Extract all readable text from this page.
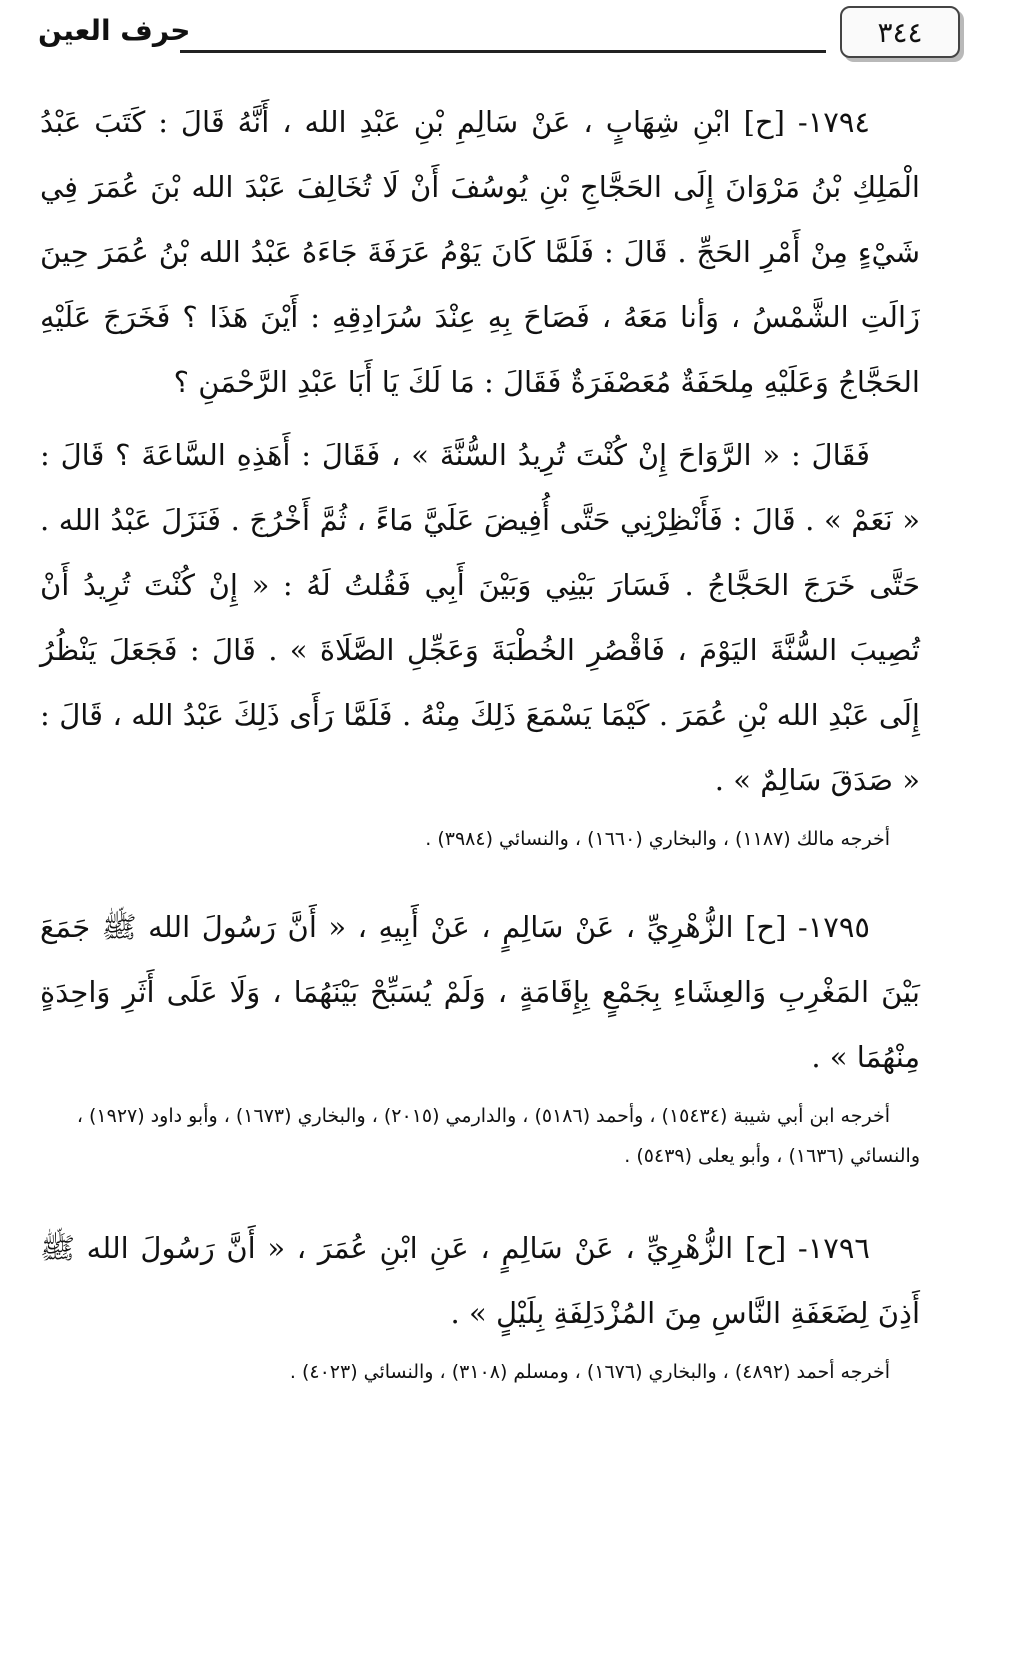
٣٤٤
حرف العين

١٧٩٤- [ح] ابْنِ شِهَابٍ ، عَنْ سَالِمِ بْنِ عَبْدِ الله ، أَنَّهُ قَالَ : كَتَبَ عَبْدُ الْمَلِكِ بْنُ مَرْوَانَ إِلَى الحَجَّاجِ بْنِ يُوسُفَ أَنْ لَا تُخَالِفَ عَبْدَ الله بْنَ عُمَرَ فِي شَيْءٍ مِنْ أَمْرِ الحَجِّ . قَالَ : فَلَمَّا كَانَ يَوْمُ عَرَفَةَ جَاءَهُ عَبْدُ الله بْنُ عُمَرَ حِينَ زَالَتِ الشَّمْسُ ، وَأنا مَعَهُ ، فَصَاحَ بِهِ عِنْدَ سُرَادِقِهِ : أَيْنَ هَذَا ؟ فَخَرَجَ عَلَيْهِ الحَجَّاجُ وَعَلَيْهِ مِلحَفَةٌ مُعَصْفَرَةٌ فَقَالَ : مَا لَكَ يَا أَبَا عَبْدِ الرَّحْمَنِ ؟

فَقَالَ : « الرَّوَاحَ إِنْ كُنْتَ تُرِيدُ السُّنَّةَ » ، فَقَالَ : أَهَذِهِ السَّاعَةَ ؟ قَالَ : « نَعَمْ » . قَالَ : فَأَنْظِرْنِي حَتَّى أُفِيضَ عَلَيَّ مَاءً ، ثُمَّ أَخْرُجَ . فَنَزَلَ عَبْدُ الله . حَتَّى خَرَجَ الحَجَّاجُ . فَسَارَ بَيْنِي وَبَيْنَ أَبِي فَقُلتُ لَهُ : « إِنْ كُنْتَ تُرِيدُ أَنْ تُصِيبَ السُّنَّةَ اليَوْمَ ، فَاقْصُرِ الخُطْبَةَ وَعَجِّلِ الصَّلَاةَ » . قَالَ : فَجَعَلَ يَنْظُرُ إِلَى عَبْدِ الله بْنِ عُمَرَ . كَيْمَا يَسْمَعَ ذَلِكَ مِنْهُ . فَلَمَّا رَأَى ذَلِكَ عَبْدُ الله ، قَالَ : « صَدَقَ سَالِمٌ » .

أخرجه مالك (١١٨٧) ، والبخاري (١٦٦٠) ، والنسائي (٣٩٨٤) .

١٧٩٥- [ح] الزُّهْرِيِّ ، عَنْ سَالِمٍ ، عَنْ أَبِيهِ ، « أَنَّ رَسُولَ الله ﷺ جَمَعَ بَيْنَ المَغْرِبِ وَالعِشَاءِ بِجَمْعٍ بِإِقَامَةٍ ، وَلَمْ يُسَبِّحْ بَيْنَهُمَا ، وَلَا عَلَى أَثَرِ وَاحِدَةٍ مِنْهُمَا » .

أخرجه ابن أبي شيبة (١٥٤٣٤) ، وأحمد (٥١٨٦) ، والدارمي (٢٠١٥) ، والبخاري (١٦٧٣) ، وأبو داود (١٩٢٧) ، والنسائي (١٦٣٦) ، وأبو يعلى (٥٤٣٩) .

١٧٩٦- [ح] الزُّهْرِيِّ ، عَنْ سَالِمٍ ، عَنِ ابْنِ عُمَرَ ، « أَنَّ رَسُولَ الله ﷺ أَذِنَ لِضَعَفَةِ النَّاسِ مِنَ المُزْدَلِفَةِ بِلَيْلٍ » .

أخرجه أحمد (٤٨٩٢) ، والبخاري (١٦٧٦) ، ومسلم (٣١٠٨) ، والنسائي (٤٠٢٣) .
